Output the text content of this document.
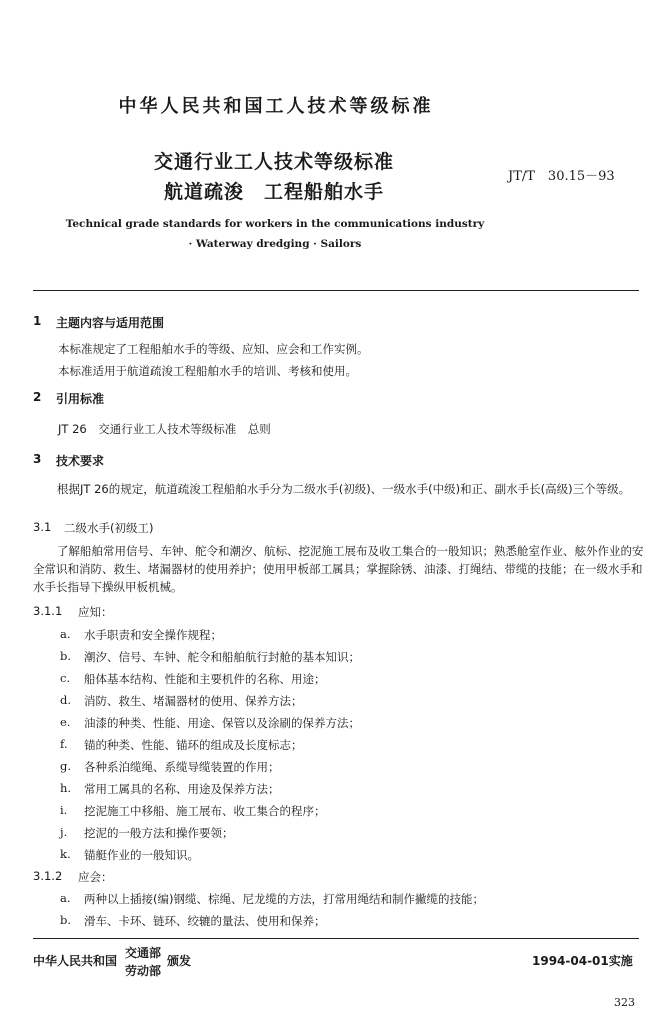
中华人民共和国工人技术等级标准
交通行业工人技术等级标准
航道疏浚　工程船舶水手
JT/T　30.15－93
Technical grade standards for workers in the communications industry
· Waterway dredging · Sailors
1 主题内容与适用范围
本标准规定了工程船舶水手的等级、应知、应会和工作实例。
本标准适用于航道疏浚工程船舶水手的培训、考核和使用。
2 引用标准
JT 26　交通行业工人技术等级标准　总则
3 技术要求
根据JT 26的规定，航道疏浚工程船舶水手分为二级水手(初级)、一级水手(中级)和正、副水手长(高级)三个等级。
3.1 二级水手(初级工)
了解船舶常用信号、车钟、舵令和潮汐、航标、挖泥施工展布及收工集合的一般知识；熟悉舱室作业、舷外作业的安全常识和消防、救生、堵漏器材的使用养护；使用甲板部工属具；掌握除锈、油漆、打绳结、带缆的技能；在一级水手和水手长指导下操纵甲板机械。
3.1.1 应知：
a. 水手职责和安全操作规程；
b. 潮汐、信号、车钟、舵令和船舶航行封舱的基本知识；
c. 船体基本结构、性能和主要机件的名称、用途；
d. 消防、救生、堵漏器材的使用、保养方法；
e. 油漆的种类、性能、用途、保管以及涂刷的保养方法；
f. 锚的种类、性能、锚环的组成及长度标志；
g. 各种系泊缆绳、系缆导缆装置的作用；
h. 常用工属具的名称、用途及保养方法；
i. 挖泥施工中移船、施工展布、收工集合的程序；
j. 挖泥的一般方法和操作要领；
k. 锚艇作业的一般知识。
3.1.2 应会：
a. 两种以上插接(编)钢缆、棕绳、尼龙缆的方法，打常用绳结和制作撇缆的技能；
b. 滑车、卡环、链环、绞辘的量法、使用和保养；
中华人民共和国
交通部
劳动部
颁发	1994-04-01实施
323
